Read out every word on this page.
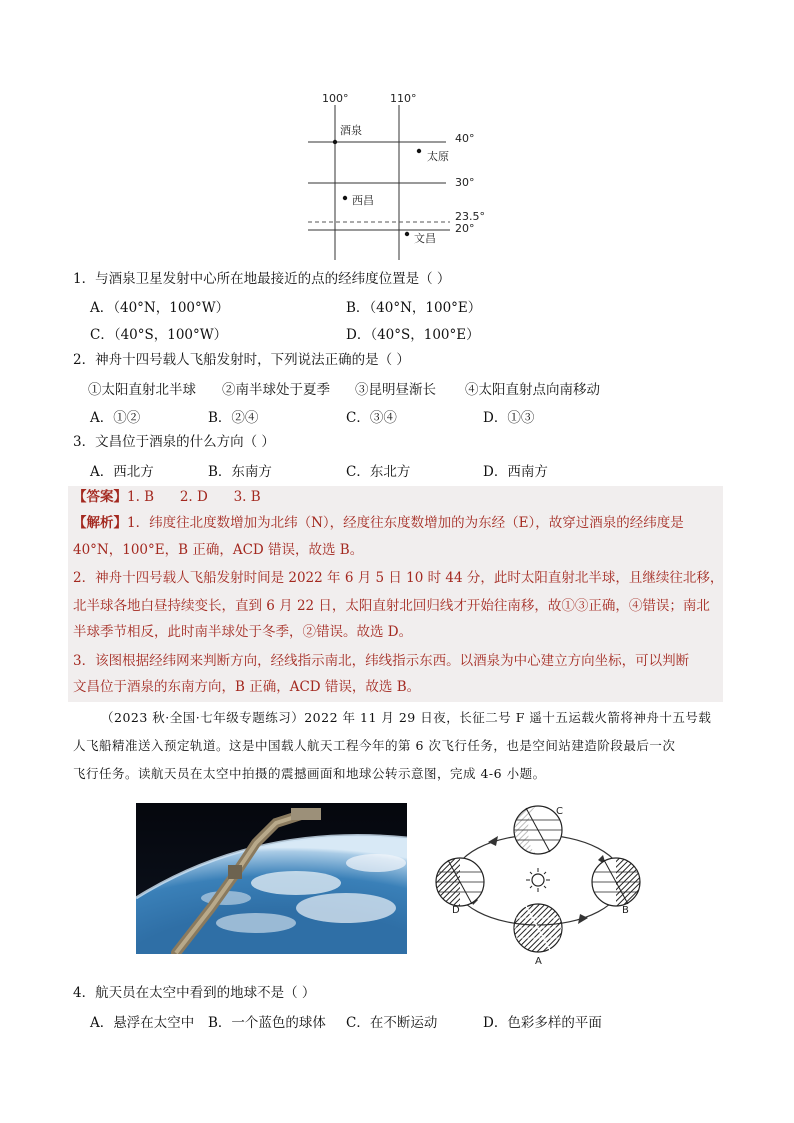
100°	110°
40°
30°
23.5°
20°
酒泉
太原
西昌
文昌
1．与酒泉卫星发射中心所在地最接近的点的经纬度位置是（ ）
A．（40°N，100°W）	B．（40°N，100°E）
C．（40°S，100°W）	D．（40°S，100°E）
2．神舟十四号载人飞船发射时，下列说法正确的是（ ）
①太阳直射北半球 ②南半球处于夏季 ③昆明昼渐长 ④太阳直射点向南移动
A．①②	B．②④	C．③④	D．①③
3．文昌位于酒泉的什么方向（ ）
A．西北方	B．东南方	C．东北方	D．西南方
【答案】1. B      2. D      3. B
【解析】1．纬度往北度数增加为北纬（N），经度往东度数增加的为东经（E），故穿过酒泉的经纬度是
40°N，100°E，B 正确，ACD 错误，故选 B。
2．神舟十四号载人飞船发射时间是 2022 年 6 月 5 日 10 时 44 分，此时太阳直射北半球，且继续往北移，
北半球各地白昼持续变长，直到 6 月 22 日，太阳直射北回归线才开始往南移，故①③正确，④错误；南北
半球季节相反，此时南半球处于冬季，②错误。故选 D。
3．该图根据经纬网来判断方向，经线指示南北，纬线指示东西。以酒泉为中心建立方向坐标，可以判断
文昌位于酒泉的东南方向，B 正确，ACD 错误，故选 B。
（2023 秋·全国·七年级专题练习）2022 年 11 月 29 日夜，长征二号 F 遥十五运载火箭将神舟十五号载
人飞船精准送入预定轨道。这是中国载人航天工程今年的第 6 次飞行任务，也是空间站建造阶段最后一次
飞行任务。读航天员在太空中拍摄的震撼画面和地球公转示意图，完成 4-6 小题。
C
B
A
D
4．航天员在太空中看到的地球不是（ ）
A．悬浮在太空中 B．一个蓝色的球体 C．在不断运动	D．色彩多样的平面
